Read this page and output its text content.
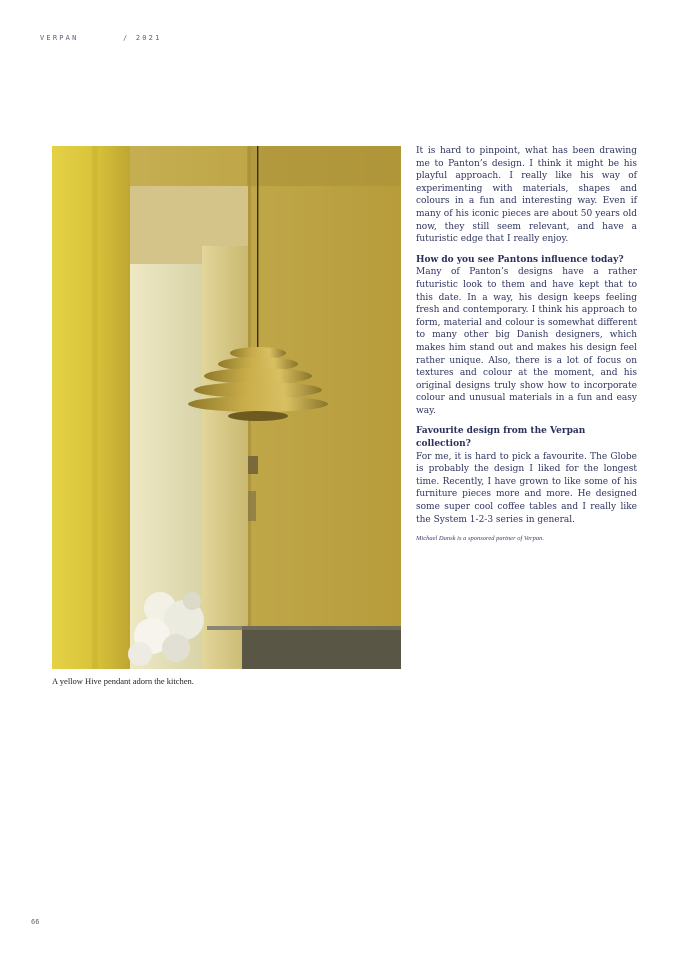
VERPAN	/ 2021
A yellow Hive pendant adorn the kitchen.

It is hard to pinpoint, what has been drawing me to Panton’s design. I think it might be his playful approach. I really like his way of experimenting with materials, shapes and colours in a fun and interesting way. Even if many of his iconic pieces are about 50 years old now, they still seem relevant, and have a futuristic edge that I really enjoy.

How do you see Pantons influence today?

Many of Panton’s designs have a rather futuristic look to them and have kept that to this date. In a way, his design keeps feeling fresh and contemporary. I think his approach to form, material and colour is somewhat different to many other big Danish designers, which makes him stand out and makes his design feel rather unique. Also, there is a lot of focus on textures and colour at the moment, and his original designs truly show how to incorporate colour and unusual materials in a fun and easy way.

Favourite design from the Verpan collection?

For me, it is hard to pick a favourite. The Globe is probably the design I liked for the longest time. Recently, I have grown to like some of his furniture pieces more and more. He designed some super cool coffee tables and I really like the System 1-2-3 series in general.

Michael Dansk is a sponsored partner of Verpan.
66
